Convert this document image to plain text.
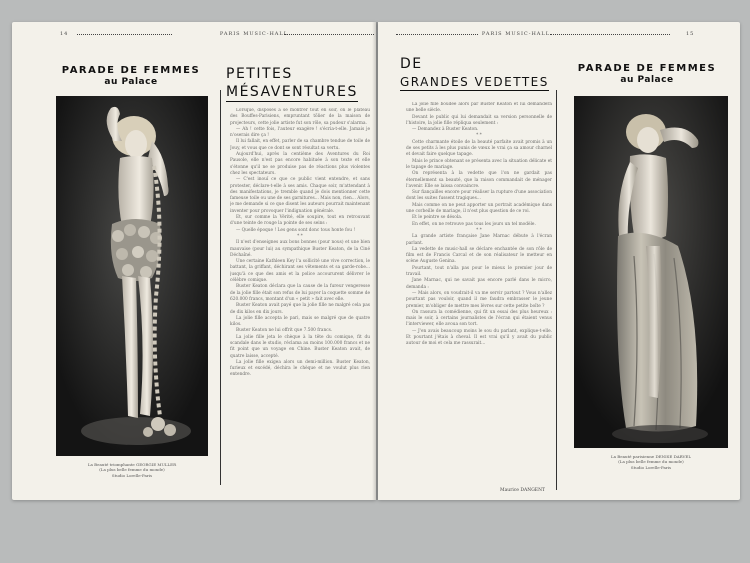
14	PARIS MUSIC-HALL
PARADE DE FEMMES
au Palace
La Beauté triomphante GEORGIE MULLER
(La plus belle femme du monde)
Studio Lorelle-Paris
PETITES
MÉSAVENTURES
Lorsque, disposés à se montrer tout en soir, on le plateau des Bouffes-Parisiens, empruntant tôlier de la maison de projecteurs, cette jolie artiste fut son rôle, sa pudeur s'alarma.
— Ah ! cette fois, l'auteur exagère ! s'écria-t-elle. Jamais je n'oserais dire ça !
Il lui fallait, en effet, parler de sa chambre tendue de toile de Jouy, et vous que ce dont se sont résultat sa vertu.
Aujourd'hui, après la centième des Aventures du Roi Pausole, elle n'est pas encore habituée à son texte et elle s'étonne qu'il ne se produise pas de réactions plus violentes chez les spectateurs.
— C'est inouï ce que ce public vient entendre, et sans protester, déclare-t-elle à ses amis. Chaque soir, m'attendant à des manifestations, je tremble quand je dois mentionner cette fameuse toile ou une de ses garnitures... Mais non, rien... Alors, je me demande si ce que disent les auteurs pourrait maintenant inventer pour provoquer l'indignation générale.
Et, sur comme la Vérité, elle soupire, tout en retrouvant d'une teinte de rouge la pointe de ses seins :
— Quelle époque ! Les gens sont donc tous honte fou !
* *
Il n'est d'enseignes aux bons bonnes (pour nous) et une bien mauvaise (pour lui) au sympathique Buster Keaton, de la Ciné Déchaîné.
Une certaine Kathleen Key l'a sollicité une vive correction, le battant, la griffant, déchirant ses vêtements et sa garde-robe... jusqu'à ce que des amis et la police accoururent délivrer le célèbre comique.
Buster Keaton déclara que la cause de la fureur vengeresse de la jolie fille était son refus de lui payer la coquette somme de 620.000 francs, montant d'un « petit » fait avec elle.
Buster Keaton avait payé que la jolie fille ne malgré cela pas de dix kilos en dix jours.
La jolie fille accepta le pari, mais se malgré que de quatre kilos.
Buster Keaton ne lui offrit que 7.500 francs.
La jolie fille jeta le chèque à la tête du comique, fit du scandale dans le studio, réclama au moins 100.000 francs et ne fit point que un voyage en Chine. Buster Keaton avait, de quatre laisse, accepté.
La jolie fille exigea alors un demi-million. Buster Keaton, furieux et excédé, déchira le chèque et ne voulut plus rien entendre.
PARIS MUSIC-HALL	15
DE
GRANDES VEDETTES
La jolie fille boudée alors par Buster Keaton et lui demandera une belle siècle.
Devant le public qui lui demandait sa version personnelle de l'histoire, la jolie fille répliqua seulement :
— Demandez à Buster Keaton.
* *
Cette charmante étoile de la beauté parfaite avait promis à un de ses petits à les plus punis de vœux le vrai ça sa amour charnel et devait faire quelque tapage.
Mais le prince obtenant se présenta avec la situation délicate et le tapage de mariage.
On représenta à la vedette que l'on ne gardait pas éternellement sa beauté, que la raison commandait de ménager l'avenir. Elle se laissa convaincre.
Sur fiançailles encore pour réaliser la rupture d'une association dont les suites fussent tragiques...
Mais comme on ne peut apporter un portrait académique dans une corbeille de mariage, il n'est plus question de ce roi.
Et le peintre se désola.
En effet, on ne retrouve pas tous les jours un tel modèle.
* *
La grande artiste française Jane Marnac débute à l'écran parlant.
La vedette de music-hall se déclare enchantée de son rôle de film est de Francis Carcal et de son réalisateur le metteur en scène Auguste Genina.
Pourtant, tout n'alla pas pour le mieux le premier jour de travail.
Jane Marnac, qui ne savait pas encore parlé dans le micro, demanda :
— Mais alors, on voudrait-il va me servir partout ? Vous n'allez pourtant pas vouloir, quand il me faudra embrasser le jeune premier, m'obliger de mettre mes lèvres sur cette petite boîte ?
On rassura la comédienne, qui fit un essai des plus heureux : mais le soir, à certains journalistes de l'écran qui étaient venus l'interviewer, elle avoua son tort.
— J'en avais beaucoup moins le sou du parlant, explique-t-elle. Et pourtant j'étais à cheval. Il est vrai qu'il y avait du public autour de moi et cela me rassurait...
Maurice DANGENT
PARADE DE FEMMES
au Palace
La Beauté parisienne DENISE DARVEL
(La plus belle femme du monde)
Studio Lorelle-Paris
